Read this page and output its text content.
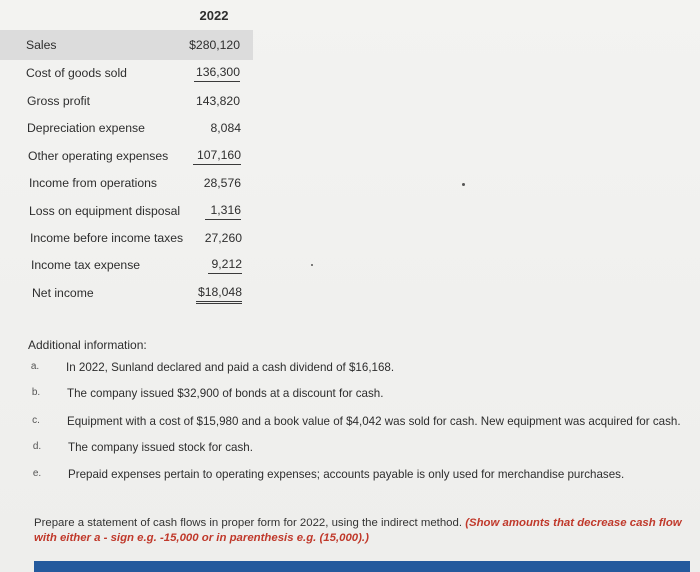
2022
Sales	$280,120
Cost of goods sold	136,300
Gross profit	143,820
Depreciation expense	8,084
Other operating expenses	107,160
Income from operations	28,576
Loss on equipment disposal	1,316
Income before income taxes 27,260
Income tax expense	9,212
Net income	$18,048
Additional information:
a. In 2022, Sunland declared and paid a cash dividend of $16,168.
b. The company issued $32,900 of bonds at a discount for cash.
c. Equipment with a cost of $15,980 and a book value of $4,042 was sold for cash. New equipment was acquired for cash.
d. The company issued stock for cash.
e. Prepaid expenses pertain to operating expenses; accounts payable is only used for merchandise purchases.
Prepare a statement of cash flows in proper form for 2022, using the indirect method. (Show amounts that decrease cash flow with either a - sign e.g. -15,000 or in parenthesis e.g. (15,000).)
